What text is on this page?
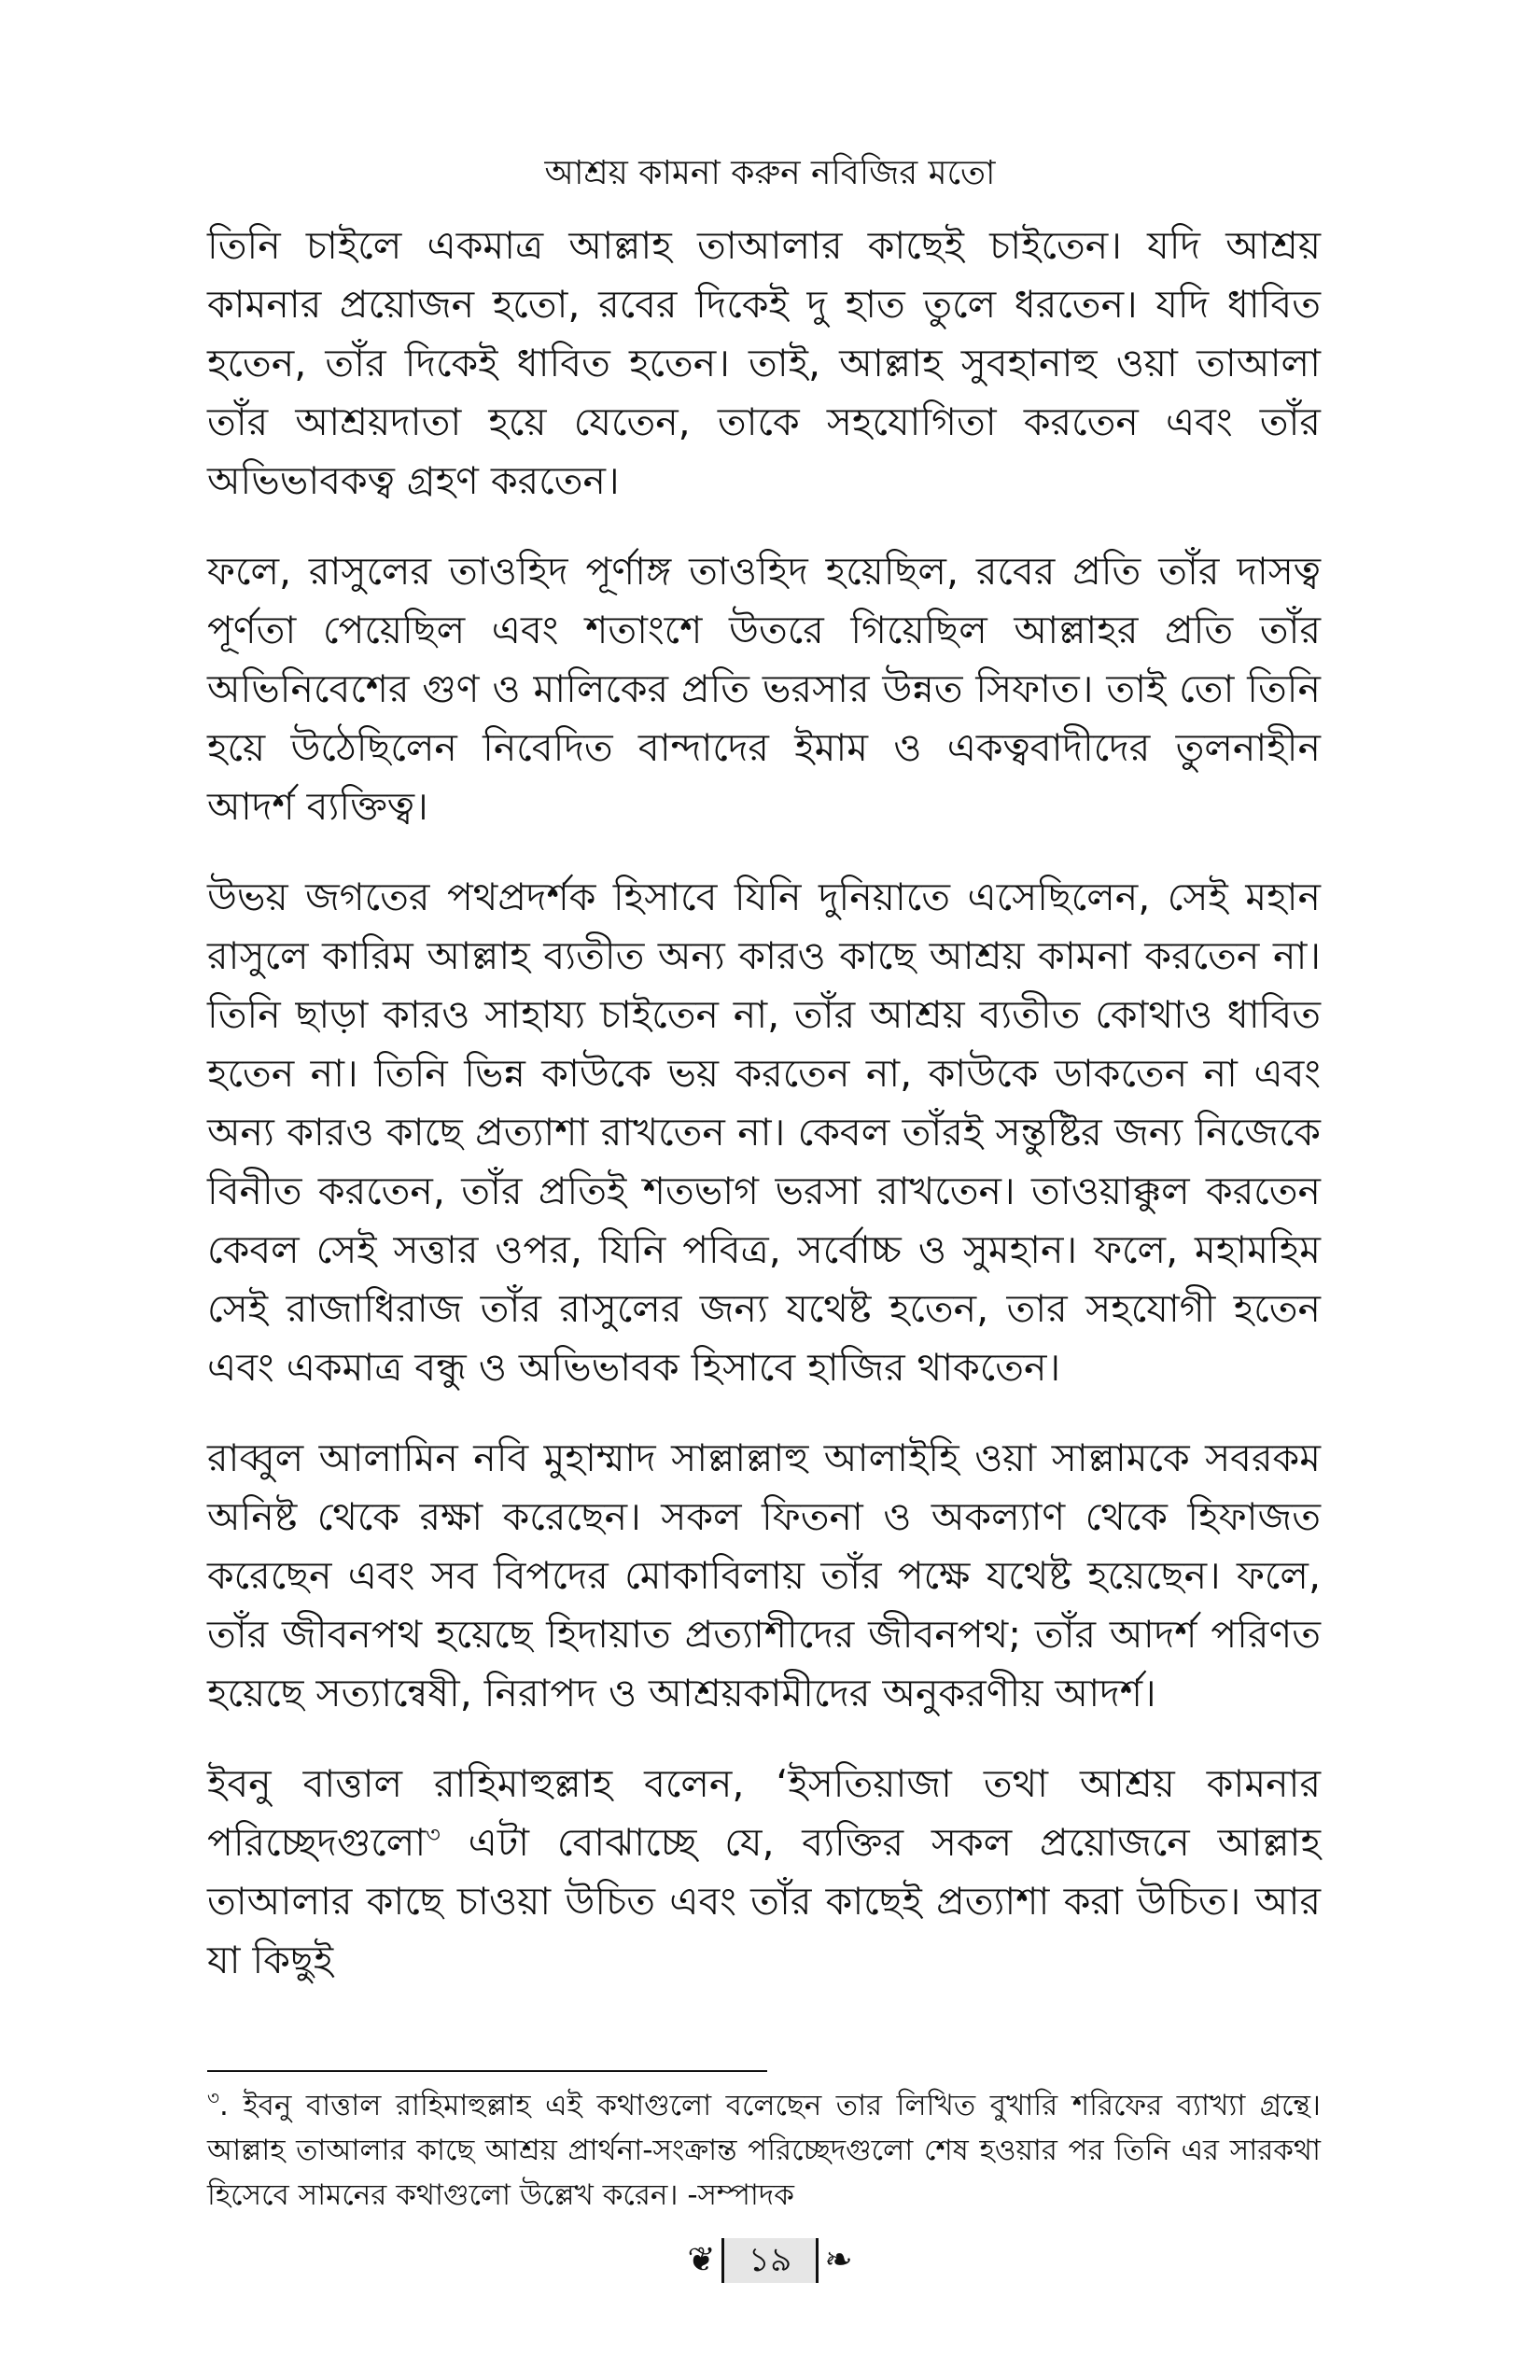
আশ্রয় কামনা করুন নবিজির মতো

তিনি চাইলে একমাত্র আল্লাহ তাআলার কাছেই চাইতেন। যদি আশ্রয় কামনার প্রয়োজন হতো, রবের দিকেই দু হাত তুলে ধরতেন। যদি ধাবিত হতেন, তাঁর দিকেই ধাবিত হতেন। তাই, আল্লাহ সুবহানাহু ওয়া তাআলা তাঁর আশ্রয়দাতা হয়ে যেতেন, তাকে সহযোগিতা করতেন এবং তাঁর অভিভাবকত্ব গ্রহণ করতেন।

ফলে, রাসুলের তাওহিদ পূর্ণাঙ্গ তাওহিদ হয়েছিল, রবের প্রতি তাঁর দাসত্ব পূর্ণতা পেয়েছিল এবং শতাংশে উতরে গিয়েছিল আল্লাহর প্রতি তাঁর অভিনিবেশের গুণ ও মালিকের প্রতি ভরসার উন্নত সিফাত। তাই তো তিনি হয়ে উঠেছিলেন নিবেদিত বান্দাদের ইমাম ও একত্ববাদীদের তুলনাহীন আদর্শ ব্যক্তিত্ব।

উভয় জগতের পথপ্রদর্শক হিসাবে যিনি দুনিয়াতে এসেছিলেন, সেই মহান রাসুলে কারিম আল্লাহ ব্যতীত অন্য কারও কাছে আশ্রয় কামনা করতেন না। তিনি ছাড়া কারও সাহায্য চাইতেন না, তাঁর আশ্রয় ব্যতীত কোথাও ধাবিত হতেন না। তিনি ভিন্ন কাউকে ভয় করতেন না, কাউকে ডাকতেন না এবং অন্য কারও কাছে প্রত্যাশা রাখতেন না। কেবল তাঁরই সন্তুষ্টির জন্য নিজেকে বিনীত করতেন, তাঁর প্রতিই শতভাগ ভরসা রাখতেন। তাওয়াক্কুল করতেন কেবল সেই সত্তার ওপর, যিনি পবিত্র, সর্বোচ্চ ও সুমহান। ফলে, মহামহিম সেই রাজাধিরাজ তাঁর রাসুলের জন্য যথেষ্ট হতেন, তার সহযোগী হতেন এবং একমাত্র বন্ধু ও অভিভাবক হিসাবে হাজির থাকতেন।

রাব্বুল আলামিন নবি মুহাম্মাদ সাল্লাল্লাহু আলাইহি ওয়া সাল্লামকে সবরকম অনিষ্ট থেকে রক্ষা করেছেন। সকল ফিতনা ও অকল্যাণ থেকে হিফাজত করেছেন এবং সব বিপদের মোকাবিলায় তাঁর পক্ষে যথেষ্ট হয়েছেন। ফলে, তাঁর জীবনপথ হয়েছে হিদায়াত প্রত্যাশীদের জীবনপথ; তাঁর আদর্শ পরিণত হয়েছে সত্যান্বেষী, নিরাপদ ও আশ্রয়কামীদের অনুকরণীয় আদর্শ।

ইবনু বাত্তাল রাহিমাহুল্লাহ বলেন, ‘ইসতিয়াজা তথা আশ্রয় কামনার পরিচ্ছেদগুলো$^৩$ এটা বোঝাচ্ছে যে, ব্যক্তির সকল প্রয়োজনে আল্লাহ তাআলার কাছে চাওয়া উচিত এবং তাঁর কাছেই প্রত্যাশা করা উচিত। আর যা কিছুই

$^৩$. ইবনু বাত্তাল রাহিমাহুল্লাহ এই কথাগুলো বলেছেন তার লিখিত বুখারি শরিফের ব্যাখ্যা গ্রন্থে। আল্লাহ তাআলার কাছে আশ্রয় প্রার্থনা-সংক্রান্ত পরিচ্ছেদগুলো শেষ হওয়ার পর তিনি এর সারকথা হিসেবে সামনের কথাগুলো উল্লেখ করেন। -সম্পাদক

❦ ১৯ ❧
